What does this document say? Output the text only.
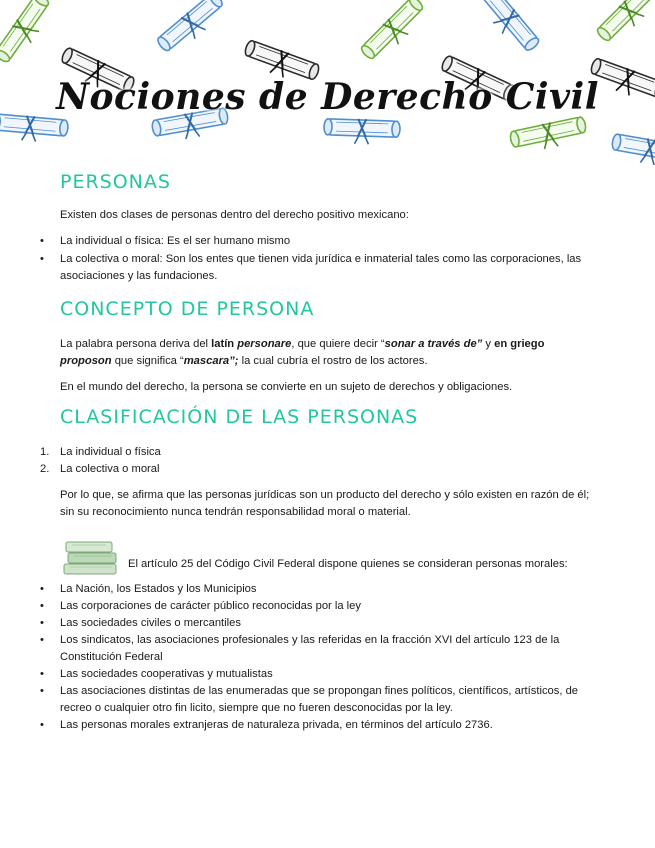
Nociones de Derecho Civil
PERSONAS

Existen dos clases de personas dentro del derecho positivo mexicano:

• La individual o física: Es el ser humano mismo
• La colectiva o moral: Son los entes que tienen vida jurídica e inmaterial tales como las corporaciones, las asociaciones y las fundaciones.
CONCEPTO DE PERSONA

La palabra persona deriva del latín personare, que quiere decir “sonar a través de” y en griego proposon que significa “mascara”; la cual cubría el rostro de los actores.

En el mundo del derecho, la persona se convierte en un sujeto de derechos y obligaciones.

CLASIFICACIÓN DE LAS PERSONAS
1. La individual o física
2. La colectiva o moral

Por lo que, se afirma que las personas jurídicas son un producto del derecho y sólo existen en razón de él; sin su reconocimiento nunca tendrán responsabilidad moral o material.

El artículo 25 del Código Civil Federal dispone quienes se consideran personas morales:

• La Nación, los Estados y los Municipios
• Las corporaciones de carácter público reconocidas por la ley
• Las sociedades civiles o mercantiles
• Los sindicatos, las asociaciones profesionales y las referidas en la fracción XVI del artículo 123 de la Constitución Federal
• Las sociedades cooperativas y mutualistas
• Las asociaciones distintas de las enumeradas que se propongan fines políticos, científicos, artísticos, de recreo o cualquier otro fin licito, siempre que no fueren desconocidas por la ley.
• Las personas morales extranjeras de naturaleza privada, en términos del artículo 2736.
